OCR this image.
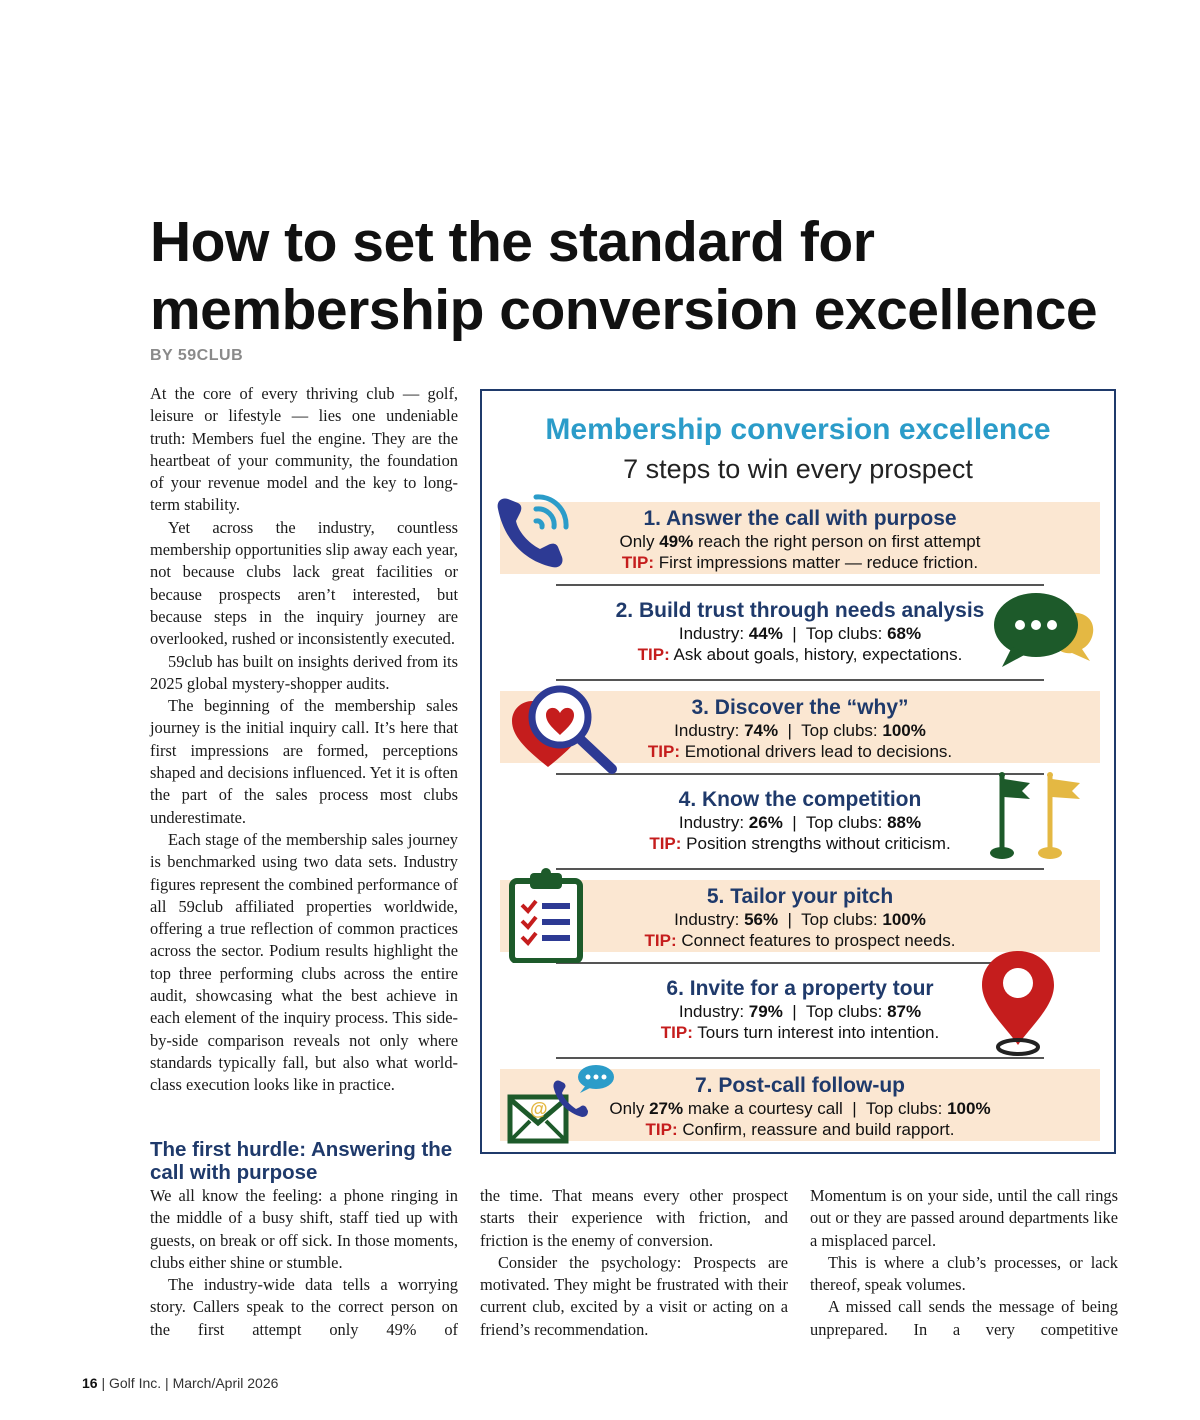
How to set the standard for
membership conversion excellence
BY 59CLUB

At the core of every thriving club — golf, leisure or lifestyle — lies one undeniable truth: Members fuel the engine. They are the heartbeat of your community, the foundation of your revenue model and the key to long-term stability.

Yet across the industry, countless membership opportunities slip away each year, not because clubs lack great facilities or because prospects aren’t interested, but because steps in the inquiry journey are overlooked, rushed or inconsistently executed.

59club has built on insights derived from its 2025 global mystery-shopper audits.

The beginning of the membership sales journey is the initial inquiry call. It’s here that first impressions are formed, perceptions shaped and decisions influenced. Yet it is often the part of the sales process most clubs underestimate.

Each stage of the membership sales journey is benchmarked using two data sets. Industry figures represent the combined performance of all 59club affiliated properties worldwide, offering a true reflection of common practices across the sector. Podium results highlight the top three performing clubs across the entire audit, showcasing what the best achieve in each element of the inquiry process. This side-by-side comparison reveals not only where standards typically fall, but also what world-class execution looks like in practice.

The first hurdle: Answering the call with purpose

We all know the feeling: a phone ringing in the middle of a busy shift, staff tied up with guests, on break or off sick. In those moments, clubs either shine or stumble.

The industry-wide data tells a worrying story. Callers speak to the correct person on the first attempt only 49% of

the time. That means every other prospect starts their experience with friction, and friction is the enemy of conversion.

Consider the psychology: Prospects are motivated. They might be frustrated with their current club, excited by a visit or acting on a friend’s recommendation.

Momentum is on your side, until the call rings out or they are passed around departments like a misplaced parcel.

This is where a club’s processes, or lack thereof, speak volumes.

A missed call sends the message of being unprepared. In a very competitive

Membership conversion excellence
7 steps to win every prospect
1. Answer the call with purpose
Only 49% reach the right person on first attempt
TIP: First impressions matter — reduce friction.
2. Build trust through needs analysis
Industry: 44%  |  Top clubs: 68%
TIP: Ask about goals, history, expectations.
3. Discover the “why”
Industry: 74%  |  Top clubs: 100%
TIP: Emotional drivers lead to decisions.
4. Know the competition
Industry: 26%  |  Top clubs: 88%
TIP: Position strengths without criticism.
5. Tailor your pitch
Industry: 56%  |  Top clubs: 100%
TIP: Connect features to prospect needs.
6. Invite for a property tour
Industry: 79%  |  Top clubs: 87%
TIP: Tours turn interest into intention.
7. Post-call follow-up
Only 27% make a courtesy call  |  Top clubs: 100%
TIP: Confirm, reassure and build rapport.
@
16 | Golf Inc. | March/April 2026
